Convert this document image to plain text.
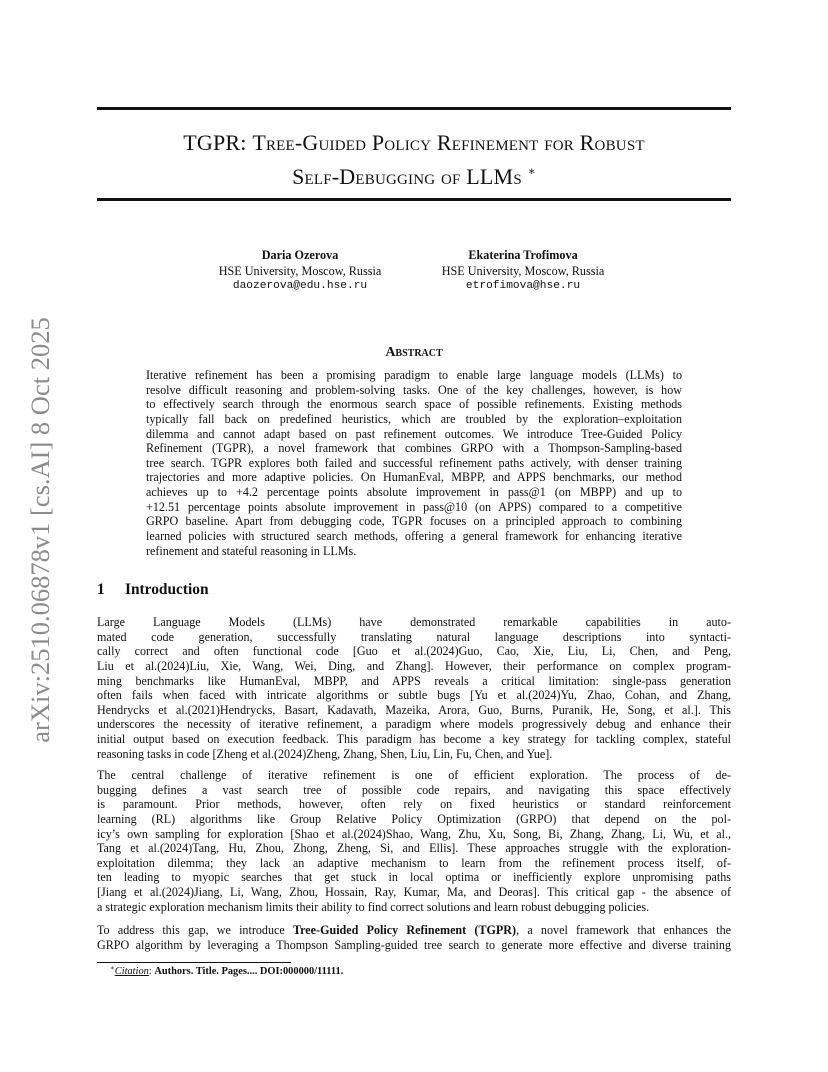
arXiv:2510.06878v1 [cs.AI] 8 Oct 2025
TGPR: Tree-Guided Policy Refinement for Robust
Self-Debugging of LLMs ∗
Daria Ozerova
HSE University, Moscow, Russia
daozerova@edu.hse.ru
Ekaterina Trofimova
HSE University, Moscow, Russia
etrofimova@hse.ru
Abstract
Iterative refinement has been a promising paradigm to enable large language models (LLMs) to
resolve difficult reasoning and problem-solving tasks. One of the key challenges, however, is how
to effectively search through the enormous search space of possible refinements. Existing methods
typically fall back on predefined heuristics, which are troubled by the exploration–exploitation
dilemma and cannot adapt based on past refinement outcomes. We introduce Tree-Guided Policy
Refinement (TGPR), a novel framework that combines GRPO with a Thompson-Sampling-based
tree search. TGPR explores both failed and successful refinement paths actively, with denser training
trajectories and more adaptive policies. On HumanEval, MBPP, and APPS benchmarks, our method
achieves up to +4.2 percentage points absolute improvement in pass@1 (on MBPP) and up to
+12.51 percentage points absolute improvement in pass@10 (on APPS) compared to a competitive
GRPO baseline. Apart from debugging code, TGPR focuses on a principled approach to combining
learned policies with structured search methods, offering a general framework for enhancing iterative
refinement and stateful reasoning in LLMs.
1 Introduction
Large Language Models (LLMs) have demonstrated remarkable capabilities in auto-
mated code generation, successfully translating natural language descriptions into syntacti-
cally correct and often functional code [Guo et al.(2024)Guo, Cao, Xie, Liu, Li, Chen, and Peng,
Liu et al.(2024)Liu, Xie, Wang, Wei, Ding, and Zhang]. However, their performance on complex program-
ming benchmarks like HumanEval, MBPP, and APPS reveals a critical limitation: single-pass generation
often fails when faced with intricate algorithms or subtle bugs [Yu et al.(2024)Yu, Zhao, Cohan, and Zhang,
Hendrycks et al.(2021)Hendrycks, Basart, Kadavath, Mazeika, Arora, Guo, Burns, Puranik, He, Song, et al.]. This
underscores the necessity of iterative refinement, a paradigm where models progressively debug and enhance their
initial output based on execution feedback. This paradigm has become a key strategy for tackling complex, stateful
reasoning tasks in code [Zheng et al.(2024)Zheng, Zhang, Shen, Liu, Lin, Fu, Chen, and Yue].
The central challenge of iterative refinement is one of efficient exploration. The process of de-
bugging defines a vast search tree of possible code repairs, and navigating this space effectively
is paramount. Prior methods, however, often rely on fixed heuristics or standard reinforcement
learning (RL) algorithms like Group Relative Policy Optimization (GRPO) that depend on the pol-
icy’s own sampling for exploration [Shao et al.(2024)Shao, Wang, Zhu, Xu, Song, Bi, Zhang, Zhang, Li, Wu, et al.,
Tang et al.(2024)Tang, Hu, Zhou, Zhong, Zheng, Si, and Ellis]. These approaches struggle with the exploration-
exploitation dilemma; they lack an adaptive mechanism to learn from the refinement process itself, of-
ten leading to myopic searches that get stuck in local optima or inefficiently explore unpromising paths
[Jiang et al.(2024)Jiang, Li, Wang, Zhou, Hossain, Ray, Kumar, Ma, and Deoras]. This critical gap - the absence of
a strategic exploration mechanism limits their ability to find correct solutions and learn robust debugging policies.
To address this gap, we introduce Tree-Guided Policy Refinement (TGPR), a novel framework that enhances the
GRPO algorithm by leveraging a Thompson Sampling-guided tree search to generate more effective and diverse training
∗Citation: Authors. Title. Pages.... DOI:000000/11111.
